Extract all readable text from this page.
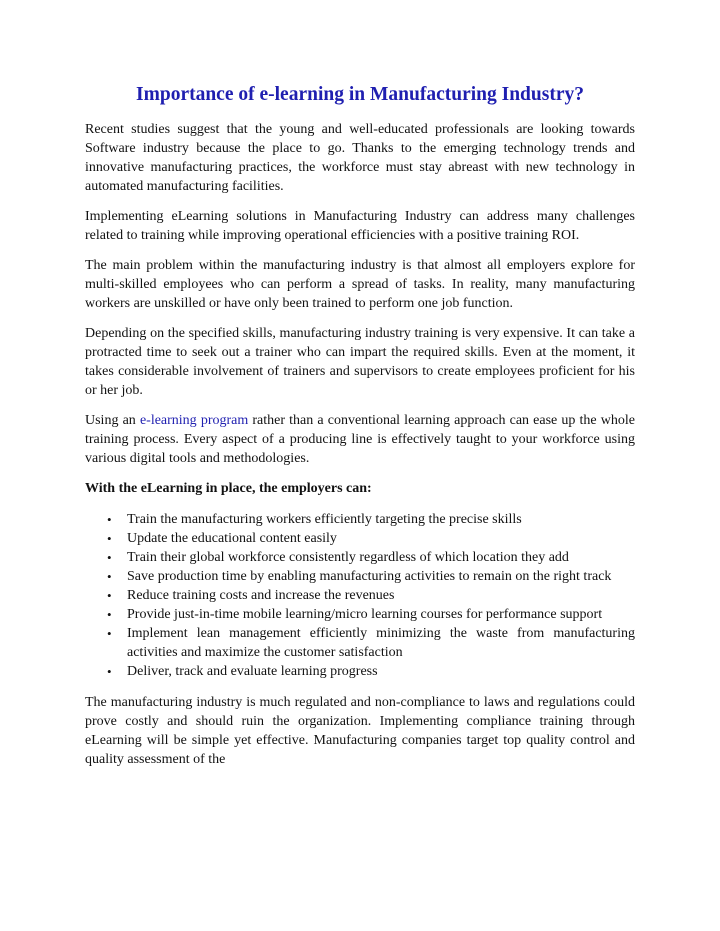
Importance of e-learning in Manufacturing Industry?

Recent studies suggest that the young and well-educated professionals are looking towards Software industry because the place to go. Thanks to the emerging technology trends and innovative manufacturing practices, the workforce must stay abreast with new technology in automated manufacturing facilities.

Implementing eLearning solutions in Manufacturing Industry can address many challenges related to training while improving operational efficiencies with a positive training ROI.

The main problem within the manufacturing industry is that almost all employers explore for multi-skilled employees who can perform a spread of tasks. In reality, many manufacturing workers are unskilled or have only been trained to perform one job function.

Depending on the specified skills, manufacturing industry training is very expensive. It can take a protracted time to seek out a trainer who can impart the required skills. Even at the moment, it takes considerable involvement of trainers and supervisors to create employees proficient for his or her job.

Using an e-learning program rather than a conventional learning approach can ease up the whole training process. Every aspect of a producing line is effectively taught to your workforce using various digital tools and methodologies.

With the eLearning in place, the employers can:

• Train the manufacturing workers efficiently targeting the precise skills
• Update the educational content easily
• Train their global workforce consistently regardless of which location they add
• Save production time by enabling manufacturing activities to remain on the right track
• Reduce training costs and increase the revenues
• Provide just-in-time mobile learning/micro learning courses for performance support
• Implement lean management efficiently minimizing the waste from manufacturing activities and maximize the customer satisfaction
• Deliver, track and evaluate learning progress

The manufacturing industry is much regulated and non-compliance to laws and regulations could prove costly and should ruin the organization. Implementing compliance training through eLearning will be simple yet effective. Manufacturing companies target top quality control and quality assessment of the
